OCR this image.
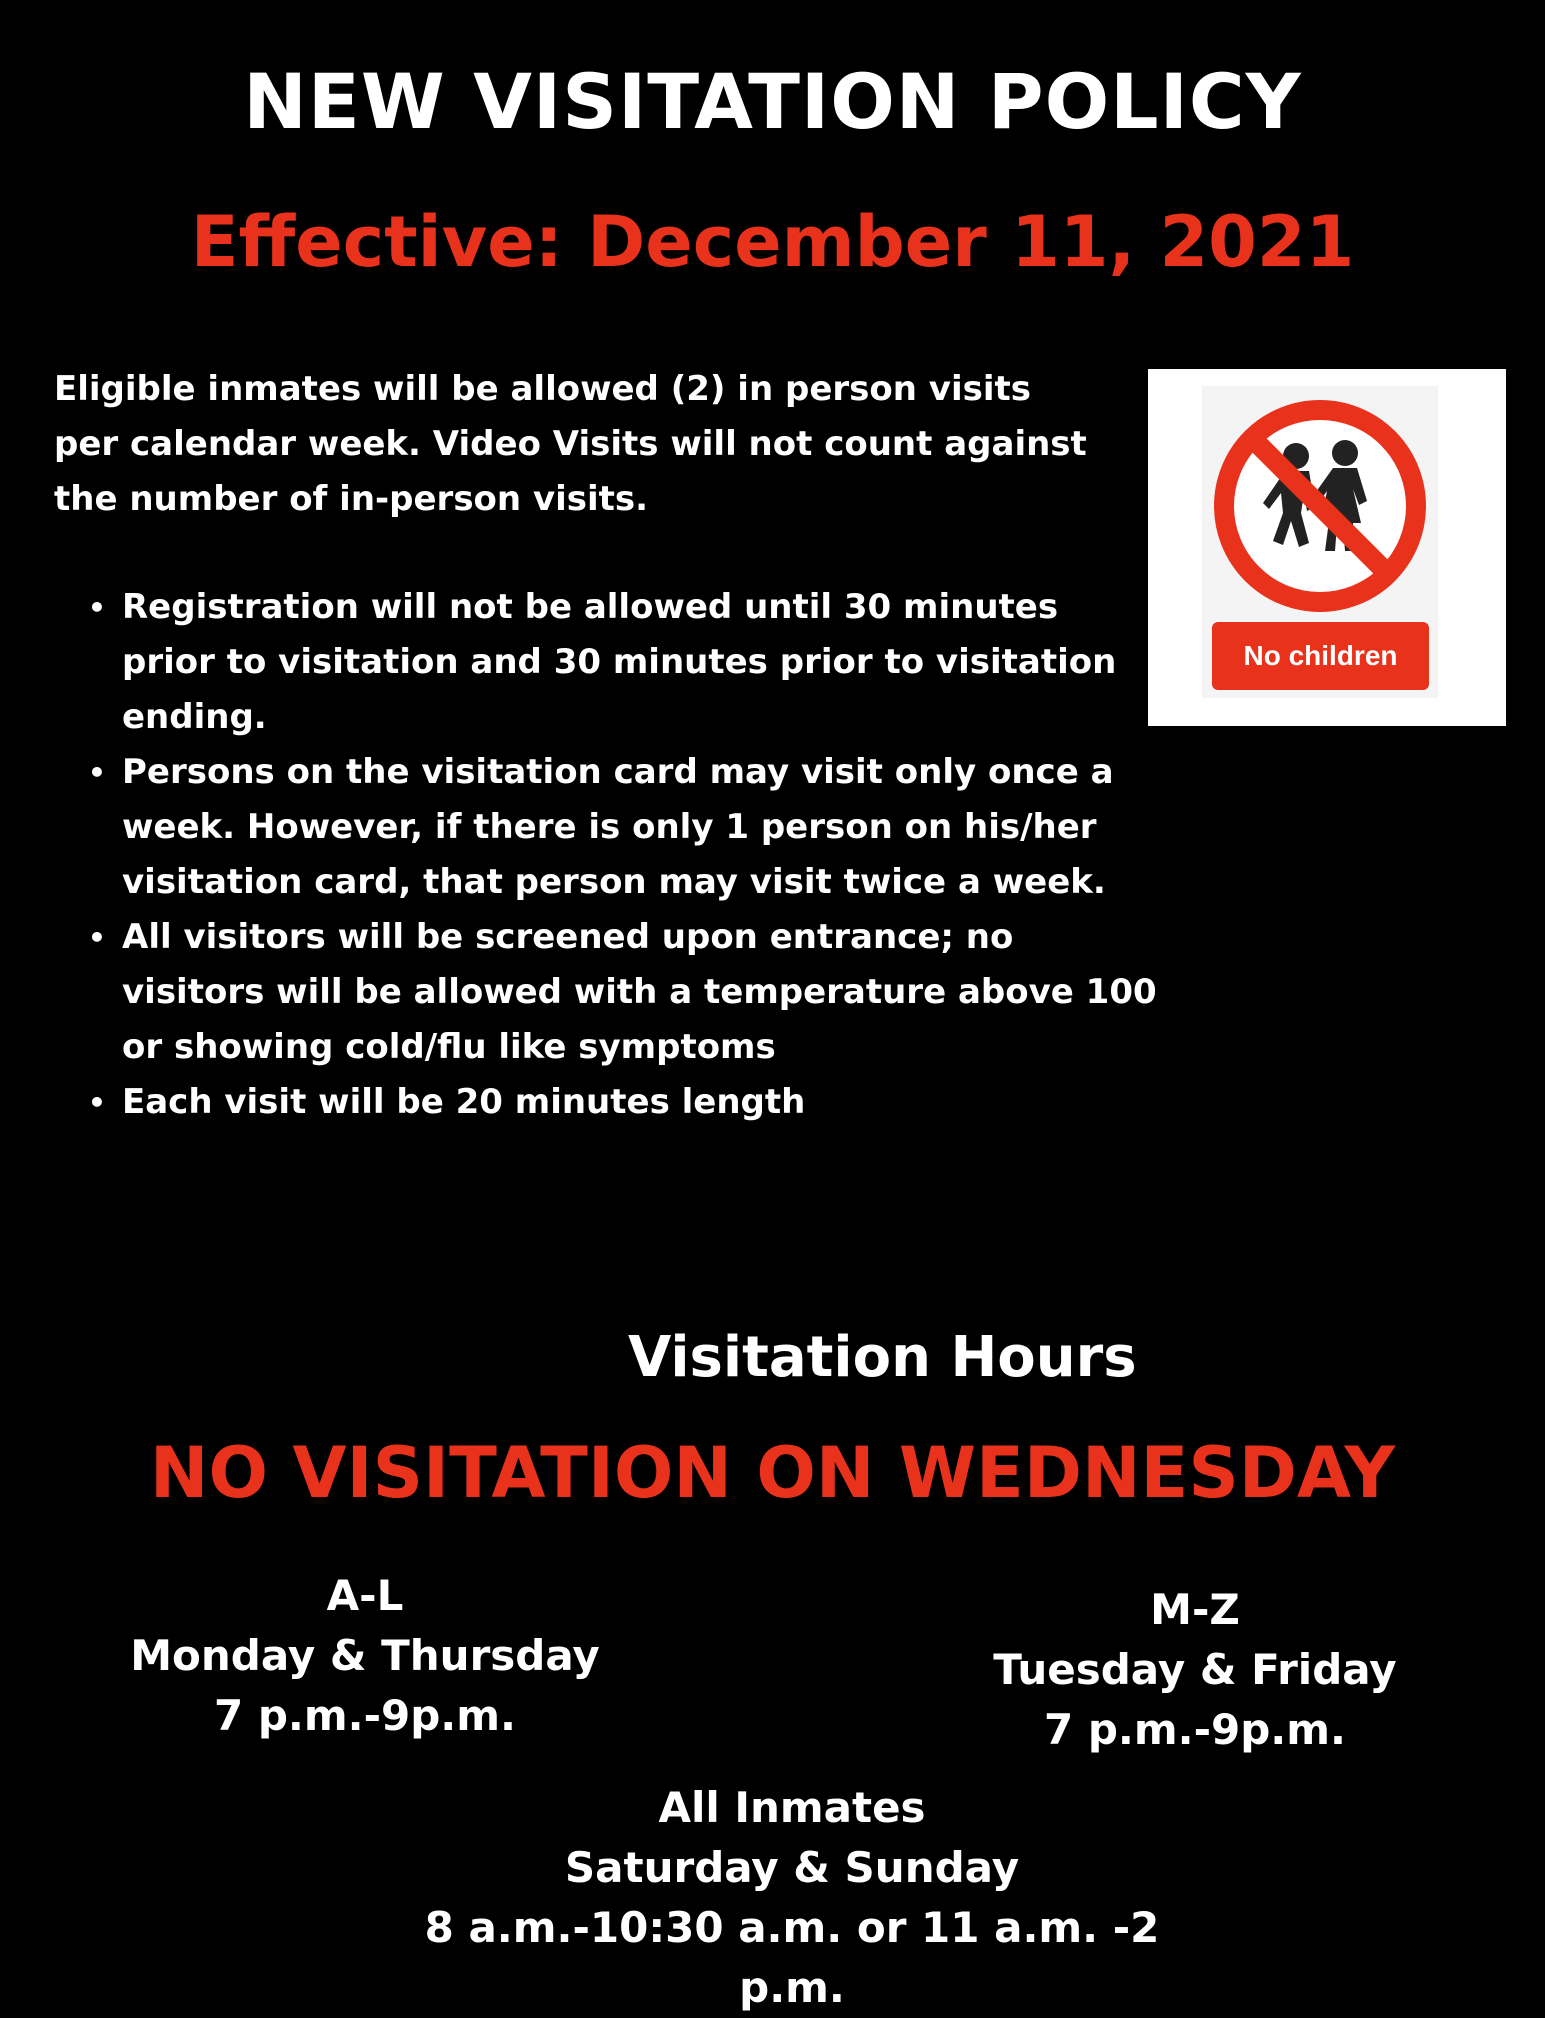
NEW VISITATION POLICY
Effective: December 11, 2021

Eligible inmates will be allowed (2) in person visits per calendar week. Video Visits will not count against the number of in-person visits.

• Registration will not be allowed until 30 minutes prior to visitation and 30 minutes prior to visitation ending.
• Persons on the visitation card may visit only once a week. However, if there is only 1 person on his/her visitation card, that person may visit twice a week.
• All visitors will be screened upon entrance; no visitors will be allowed with a temperature above 100 or showing cold/flu like symptoms
• Each visit will be 20 minutes length
No children
Visitation Hours
NO VISITATION ON WEDNESDAY
A-L
Monday & Thursday
7 p.m.-9p.m.
M-Z
Tuesday & Friday
7 p.m.-9p.m.
All Inmates
Saturday & Sunday
8 a.m.-10:30 a.m. or 11 a.m. -2 p.m.
